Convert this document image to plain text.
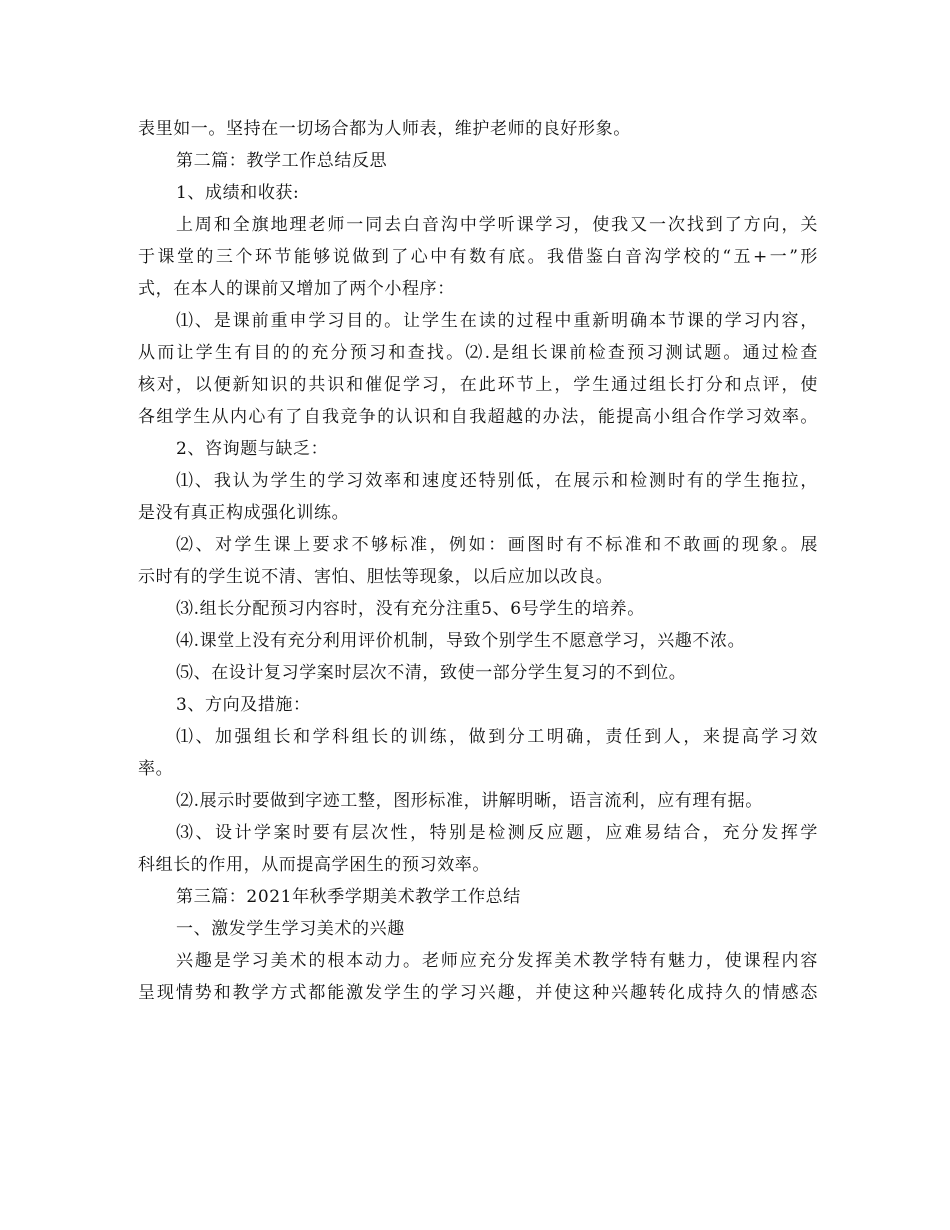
表里如一。坚持在一切场合都为人师表，维护老师的良好形象。
第二篇：教学工作总结反思
1、成绩和收获:
上周和全旗地理老师一同去白音沟中学听课学习，使我又一次找到了方向，关
于课堂的三个环节能够说做到了心中有数有底。我借鉴白音沟学校的“五+一”形
式，在本人的课前又增加了两个小程序：
⑴、是课前重申学习目的。让学生在读的过程中重新明确本节课的学习内容，
从而让学生有目的的充分预习和查找。⑵.是组长课前检查预习测试题。通过检查
核对，以便新知识的共识和催促学习，在此环节上，学生通过组长打分和点评，使
各组学生从内心有了自我竞争的认识和自我超越的办法，能提高小组合作学习效率。
2、咨询题与缺乏：
⑴、我认为学生的学习效率和速度还特别低，在展示和检测时有的学生拖拉，
是没有真正构成强化训练。
⑵、对学生课上要求不够标准，例如：画图时有不标准和不敢画的现象。展
示时有的学生说不清、害怕、胆怯等现象，以后应加以改良。
⑶.组长分配预习内容时，没有充分注重5、6号学生的培养。
⑷.课堂上没有充分利用评价机制，导致个别学生不愿意学习，兴趣不浓。
⑸、在设计复习学案时层次不清，致使一部分学生复习的不到位。
3、方向及措施：
⑴、加强组长和学科组长的训练，做到分工明确，责任到人，来提高学习效
率。
⑵.展示时要做到字迹工整，图形标准，讲解明晰，语言流利，应有理有据。
⑶、设计学案时要有层次性，特别是检测反应题，应难易结合，充分发挥学
科组长的作用，从而提高学困生的预习效率。
第三篇：2021年秋季学期美术教学工作总结
一、激发学生学习美术的兴趣
兴趣是学习美术的根本动力。老师应充分发挥美术教学特有魅力，使课程内容
呈现情势和教学方式都能激发学生的学习兴趣，并使这种兴趣转化成持久的情感态
